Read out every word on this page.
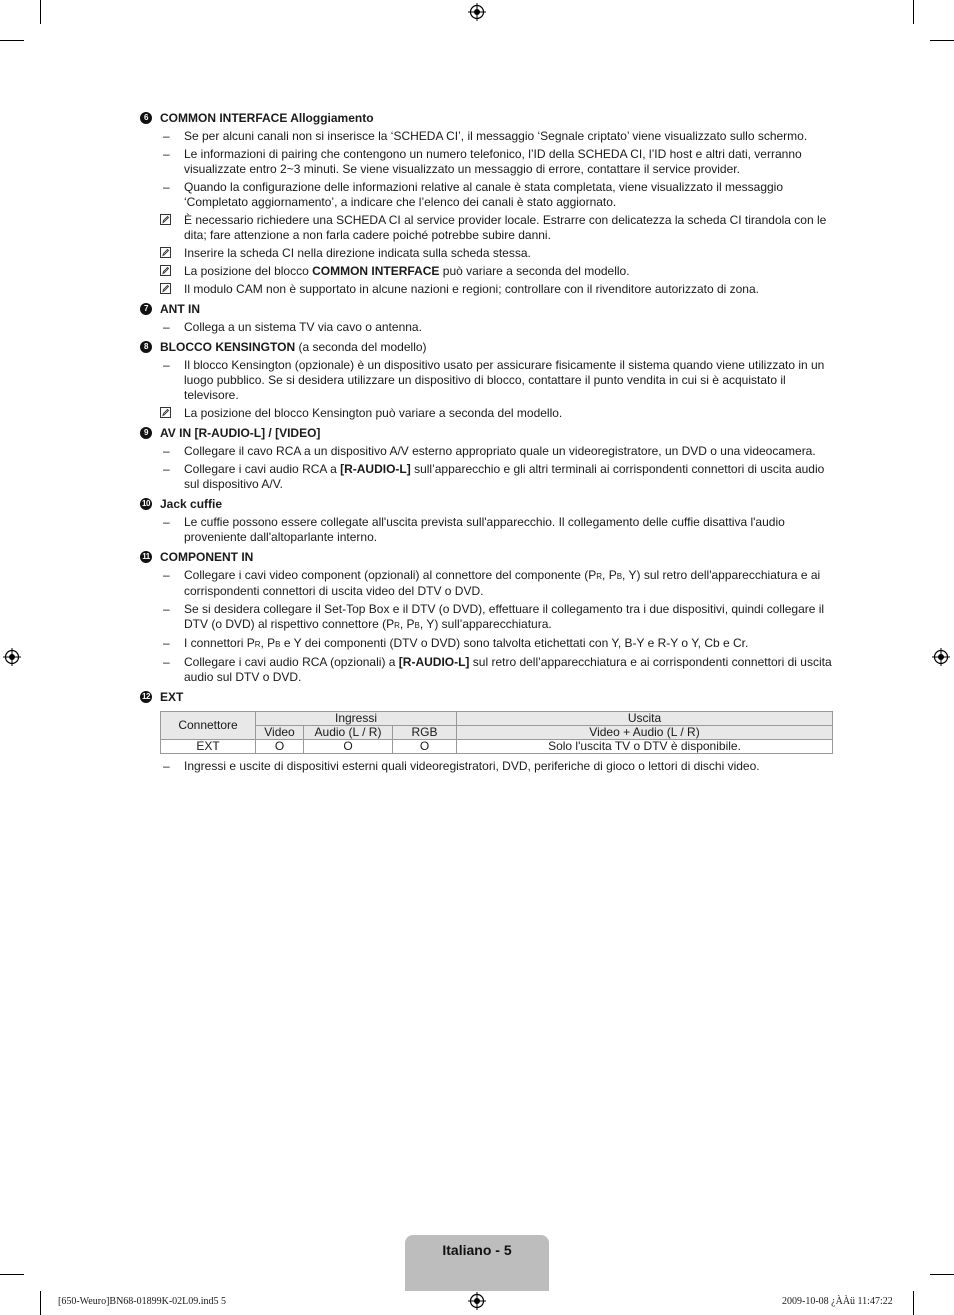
6	COMMON INTERFACE Alloggiamento
– Se per alcuni canali non si inserisce la ‘SCHEDA CI’, il messaggio ‘Segnale criptato’ viene visualizzato sullo schermo.
– Le informazioni di pairing che contengono un numero telefonico, l’ID della SCHEDA CI, l’ID host e altri dati, verranno visualizzate entro 2~3 minuti. Se viene visualizzato un messaggio di errore, contattare il service provider.
– Quando la configurazione delle informazioni relative al canale è stata completata, viene visualizzato il messaggio ‘Completato aggiornamento’, a indicare che l’elenco dei canali è stato aggiornato.
È necessario richiedere una SCHEDA CI al service provider locale. Estrarre con delicatezza la scheda CI tirandola con le dita; fare attenzione a non farla cadere poiché potrebbe subire danni.
Inserire la scheda CI nella direzione indicata sulla scheda stessa.
La posizione del blocco COMMON INTERFACE può variare a seconda del modello.
Il modulo CAM non è supportato in alcune nazioni e regioni; controllare con il rivenditore autorizzato di zona.
7	ANT IN
– Collega a un sistema TV via cavo o antenna.
8	BLOCCO KENSINGTON (a seconda del modello)
– Il blocco Kensington (opzionale) è un dispositivo usato per assicurare fisicamente il sistema quando viene utilizzato in un luogo pubblico. Se si desidera utilizzare un dispositivo di blocco, contattare il punto vendita in cui si è acquistato il televisore.
La posizione del blocco Kensington può variare a seconda del modello.
9	AV IN [R-AUDIO-L] / [VIDEO]
– Collegare il cavo RCA a un dispositivo A/V esterno appropriato quale un videoregistratore, un DVD o una videocamera.
– Collegare i cavi audio RCA a [R-AUDIO-L] sull’apparecchio e gli altri terminali ai corrispondenti connettori di uscita audio sul dispositivo A/V.
10 Jack cuffie
– Le cuffie possono essere collegate all'uscita prevista sull'apparecchio. Il collegamento delle cuffie disattiva l'audio proveniente dall'altoparlante interno.
11 COMPONENT IN
– Collegare i cavi video component (opzionali) al connettore del componente (PR, PB, Y) sul retro dell'apparecchiatura e ai corrispondenti connettori di uscita video del DTV o DVD.
– Se si desidera collegare il Set-Top Box e il DTV (o DVD), effettuare il collegamento tra i due dispositivi, quindi collegare il DTV (o DVD) al rispettivo connettore (PR, PB, Y) sull’apparecchiatura.
– I connettori PR, PB e Y dei componenti (DTV o DVD) sono talvolta etichettati con Y, B-Y e R-Y o Y, Cb e Cr.
– Collegare i cavi audio RCA (opzionali) a [R-AUDIO-L] sul retro dell’apparecchiatura e ai corrispondenti connettori di uscita audio sul DTV o DVD.
12 EXT
Connettore	Ingressi			Uscita
	Video	Audio (L / R)	RGB	Video + Audio (L / R)
EXT	O	O	O	Solo l'uscita TV o DTV è disponibile.
– Ingressi e uscite di dispositivi esterni quali videoregistratori, DVD, periferiche di gioco o lettori di dischi video.
Italiano - 5
[650-Weuro]BN68-01899K-02L09.ind5 5	2009-10-08 ¿ÀÀü 11:47:22
